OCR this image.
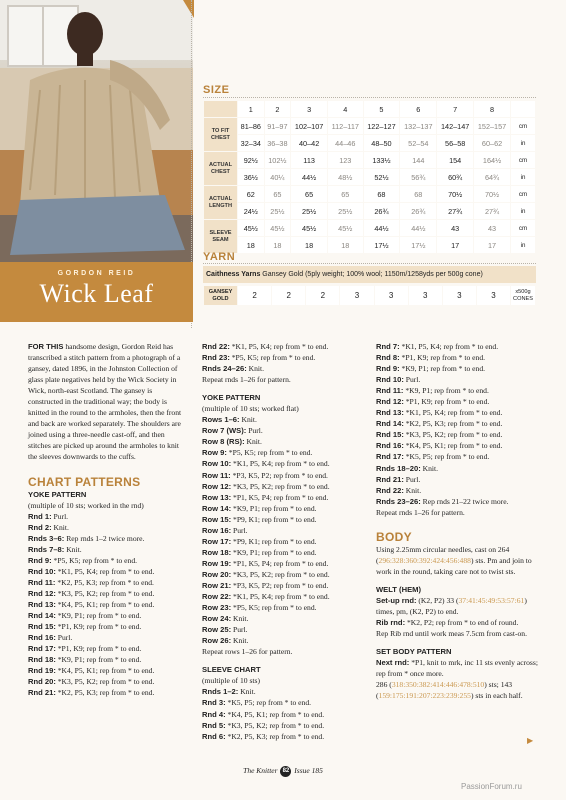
GORDON REID
Wick Leaf
SIZE
	1	2	3	4	5	6	7	8	
TO FIT CHEST	81–86	91–97	102–107	112–117	122–127	132–137	142–147	152–157	cm
	32–34	36–38	40–42	44–46	48–50	52–54	56–58	60–62	in
ACTUAL CHEST	92½	102½	113	123	133½	144	154	164½	cm
	36½	40¼	44½	48½	52½	56¾	60¾	64¾	in
ACTUAL LENGTH	62	65	65	65	68	68	70½	70½	cm
	24½	25½	25½	25½	26¾	26¾	27¾	27¾	in
SLEEVE SEAM	45½	45½	45½	45½	44½	44½	43	43	cm
	18	18	18	18	17½	17½	17	17	in
YARN
Caithness Yarns Gansey Gold (5ply weight; 100% wool; 1150m/1258yds per 500g cone)
GANSEY GOLD	2	2	2	3	3	3	3	3	x500g CONES

FOR THIS handsome design, Gordon Reid has transcribed a stitch pattern from a photograph of a gansey, dated 1896, in the Johnston Collection of glass plate negatives held by the Wick Society in Wick, north-east Scotland. The gansey is constructed in the traditional way; the body is knitted in the round to the armholes, then the front and back are worked separately. The shoulders are joined using a three-needle cast-off, and then stitches are picked up around the armholes to knit the sleeves downwards to the cuffs.

CHART PATTERNS
YOKE PATTERN

(multiple of 10 sts; worked in the rnd)

Rnd 1: Purl.

Rnd 2: Knit.

Rnds 3–6: Rep rnds 1–2 twice more.

Rnds 7–8: Knit.

Rnd 9: *P5, K5; rep from * to end.

Rnd 10: *K1, P5, K4; rep from * to end.

Rnd 11: *K2, P5, K3; rep from * to end.

Rnd 12: *K3, P5, K2; rep from * to end.

Rnd 13: *K4, P5, K1; rep from * to end.

Rnd 14: *K9, P1; rep from * to end.

Rnd 15: *P1, K9; rep from * to end.

Rnd 16: Purl.

Rnd 17: *P1, K9; rep from * to end.

Rnd 18: *K9, P1; rep from * to end.

Rnd 19: *K4, P5, K1; rep from * to end.

Rnd 20: *K3, P5, K2; rep from * to end.

Rnd 21: *K2, P5, K3; rep from * to end.

Rnd 22: *K1, P5, K4; rep from * to end.

Rnd 23: *P5, K5; rep from * to end.

Rnds 24–26: Knit.

Repeat rnds 1–26 for pattern.

YOKE PATTERN

(multiple of 10 sts; worked flat)

Rows 1–6: Knit.

Row 7 (WS): Purl.

Row 8 (RS): Knit.

Row 9: *P5, K5; rep from * to end.

Row 10: *K1, P5, K4; rep from * to end.

Row 11: *P3, K5, P2; rep from * to end.

Row 12: *K3, P5, K2; rep from * to end.

Row 13: *P1, K5, P4; rep from * to end.

Row 14: *K9, P1; rep from * to end.

Row 15: *P9, K1; rep from * to end.

Row 16: Purl.

Row 17: *P9, K1; rep from * to end.

Row 18: *K9, P1; rep from * to end.

Row 19: *P1, K5, P4; rep from * to end.

Row 20: *K3, P5, K2; rep from * to end.

Row 21: *P3, K5, P2; rep from * to end.

Row 22: *K1, P5, K4; rep from * to end.

Row 23: *P5, K5; rep from * to end.

Row 24: Knit.

Row 25: Purl.

Row 26: Knit.

Repeat rows 1–26 for pattern.

SLEEVE CHART

(multiple of 10 sts)

Rnds 1–2: Knit.

Rnd 3: *K5, P5; rep from * to end.

Rnd 4: *K4, P5, K1; rep from * to end.

Rnd 5: *K3, P5, K2; rep from * to end.

Rnd 6: *K2, P5, K3; rep from * to end.

Rnd 7: *K1, P5, K4; rep from * to end.

Rnd 8: *P1, K9; rep from * to end.

Rnd 9: *K9, P1; rep from * to end.

Rnd 10: Purl.

Rnd 11: *K9, P1; rep from * to end.

Rnd 12: *P1, K9; rep from * to end.

Rnd 13: *K1, P5, K4; rep from * to end.

Rnd 14: *K2, P5, K3; rep from * to end.

Rnd 15: *K3, P5, K2; rep from * to end.

Rnd 16: *K4, P5, K1; rep from * to end.

Rnd 17: *K5, P5; rep from * to end.

Rnds 18–20: Knit.

Rnd 21: Purl.

Rnd 22: Knit.

Rnds 23–26: Rep rnds 21–22 twice more.

Repeat rnds 1–26 for pattern.

BODY

Using 2.25mm circular needles, cast on 264 (296:328:360:392:424:456:488) sts. Pm and join to work in the round, taking care not to twist sts.

WELT (HEM)

Set-up rnd: (K2, P2) 33 (37:41:45:49:53:57:61) times, pm, (K2, P2) to end.

Rib rnd: *K2, P2; rep from * to end of round.

Rep Rib rnd until work meas 7.5cm from cast-on.

SET BODY PATTERN

Next rnd: *P1, knit to mrk, inc 11 sts evenly across; rep from * once more.

286 (318:350:382:414:446:478:510) sts; 143 (159:175:191:207:223:239:255) sts in each half.

▶
The Knitter 82 Issue 185
PassionForum.ru
